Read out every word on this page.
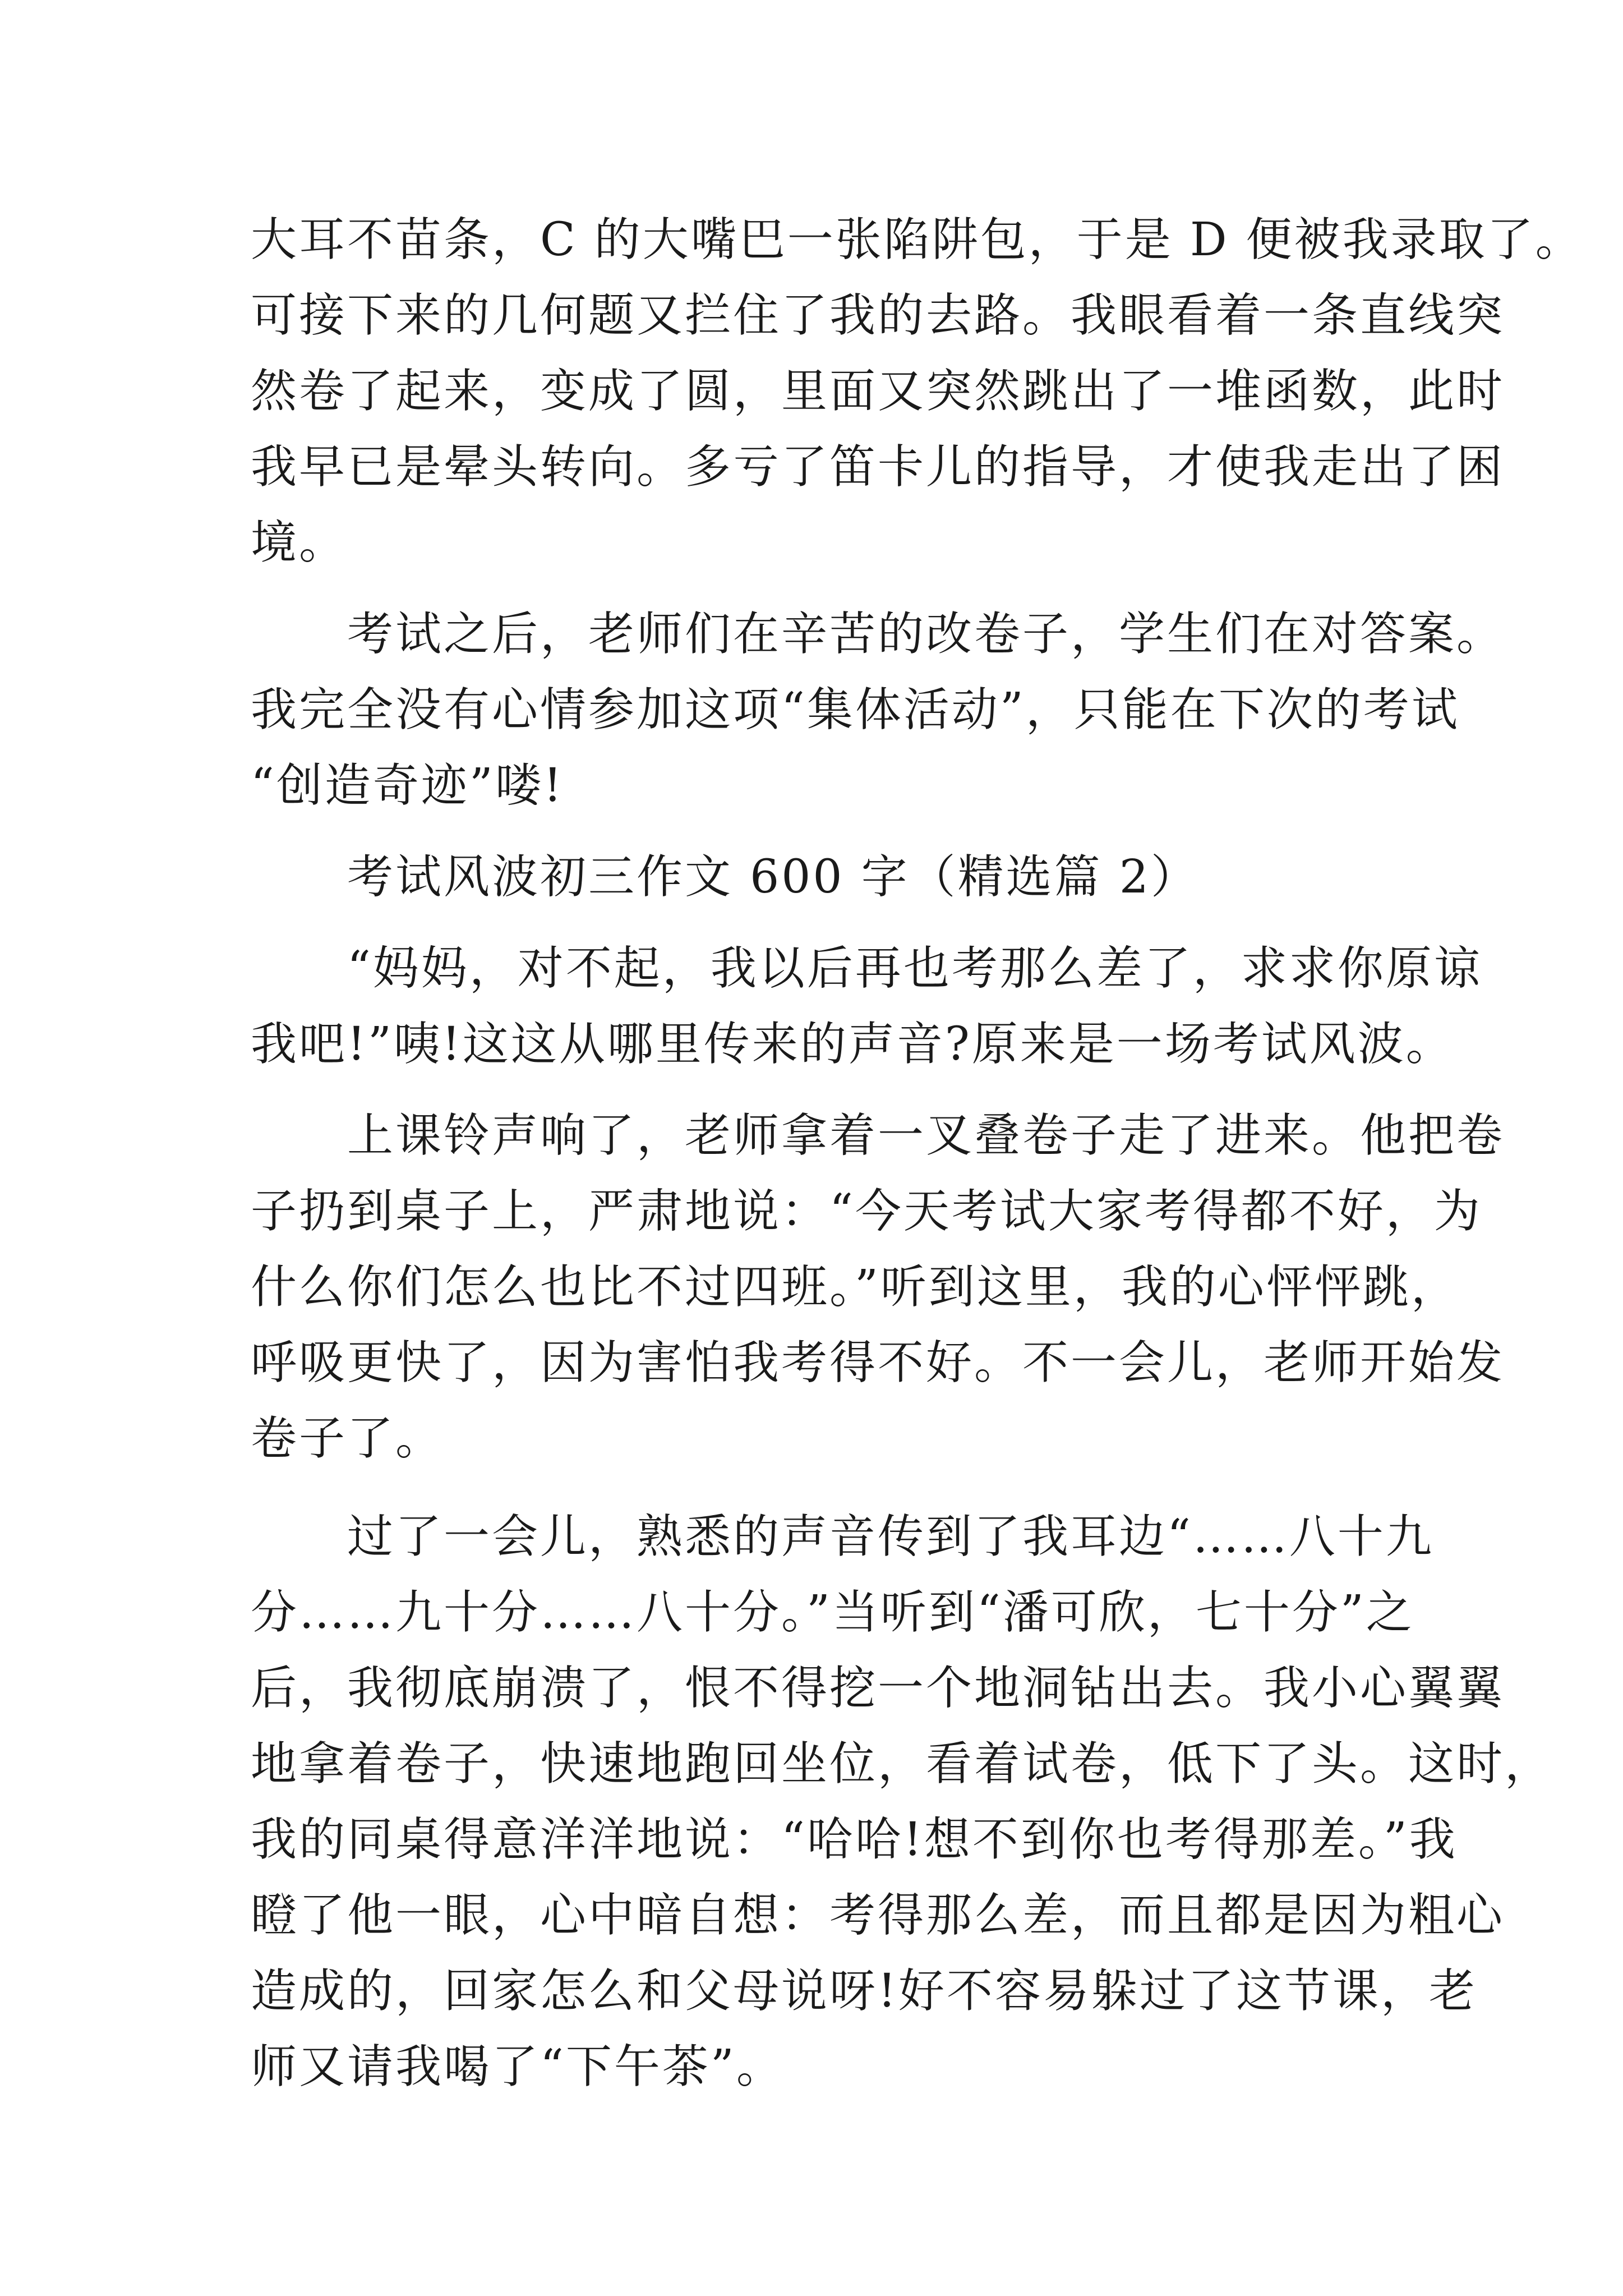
大耳不苗条，C 的大嘴巴一张陷阱包，于是 D 便被我录取了。
可接下来的几何题又拦住了我的去路。我眼看着一条直线突
然卷了起来，变成了圆，里面又突然跳出了一堆函数，此时
我早已是晕头转向。多亏了笛卡儿的指导，才使我走出了困
境。
　　考试之后，老师们在辛苦的改卷子，学生们在对答案。
我完全没有心情参加这项“集体活动”，只能在下次的考试
“创造奇迹”喽!
　　考试风波初三作文 600 字（精选篇 2）
　　“妈妈，对不起，我以后再也考那么差了，求求你原谅
我吧!”咦!这这从哪里传来的声音?原来是一场考试风波。
　　上课铃声响了，老师拿着一叉叠卷子走了进来。他把卷
子扔到桌子上，严肃地说：“今天考试大家考得都不好，为
什么你们怎么也比不过四班。”听到这里，我的心怦怦跳，
呼吸更快了，因为害怕我考得不好。不一会儿，老师开始发
卷子了。
　　过了一会儿，熟悉的声音传到了我耳边“……八十九
分……九十分……八十分。”当听到“潘可欣，七十分”之
后，我彻底崩溃了，恨不得挖一个地洞钻出去。我小心翼翼
地拿着卷子，快速地跑回坐位，看着试卷，低下了头。这时，
我的同桌得意洋洋地说：“哈哈!想不到你也考得那差。”我
瞪了他一眼，心中暗自想：考得那么差，而且都是因为粗心
造成的，回家怎么和父母说呀!好不容易躲过了这节课，老
师又请我喝了“下午茶”。
